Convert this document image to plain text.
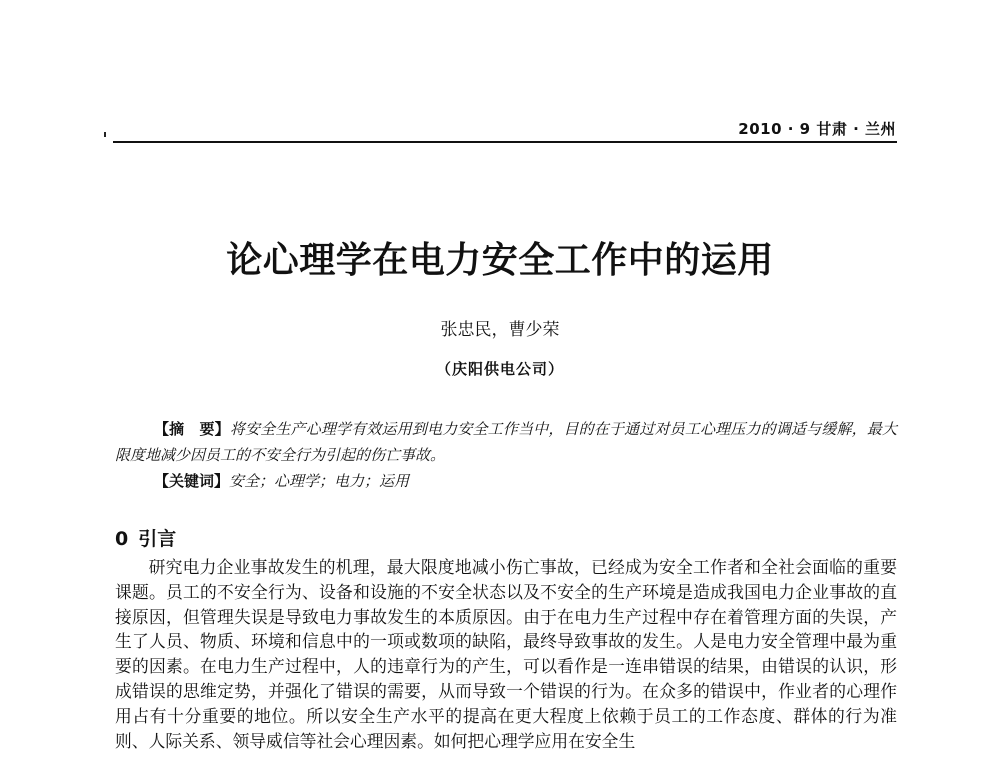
2010 · 9 甘肃 · 兰州
论心理学在电力安全工作中的运用
张忠民，曹少荣
（庆阳供电公司）

【摘　要】将安全生产心理学有效运用到电力安全工作当中，目的在于通过对员工心理压力的调适与缓解，最大限度地减少因员工的不安全行为引起的伤亡事故。

【关键词】安全；心理学；电力；运用

0 引言

研究电力企业事故发生的机理，最大限度地减小伤亡事故，已经成为安全工作者和全社会面临的重要课题。员工的不安全行为、设备和设施的不安全状态以及不安全的生产环境是造成我国电力企业事故的直接原因，但管理失误是导致电力事故发生的本质原因。由于在电力生产过程中存在着管理方面的失误，产生了人员、物质、环境和信息中的一项或数项的缺陷，最终导致事故的发生。人是电力安全管理中最为重要的因素。在电力生产过程中，人的违章行为的产生，可以看作是一连串错误的结果，由错误的认识，形成错误的思维定势，并强化了错误的需要，从而导致一个错误的行为。在众多的错误中，作业者的心理作用占有十分重要的地位。所以安全生产水平的提高在更大程度上依赖于员工的工作态度、群体的行为准则、人际关系、领导威信等社会心理因素。如何把心理学应用在安全生
